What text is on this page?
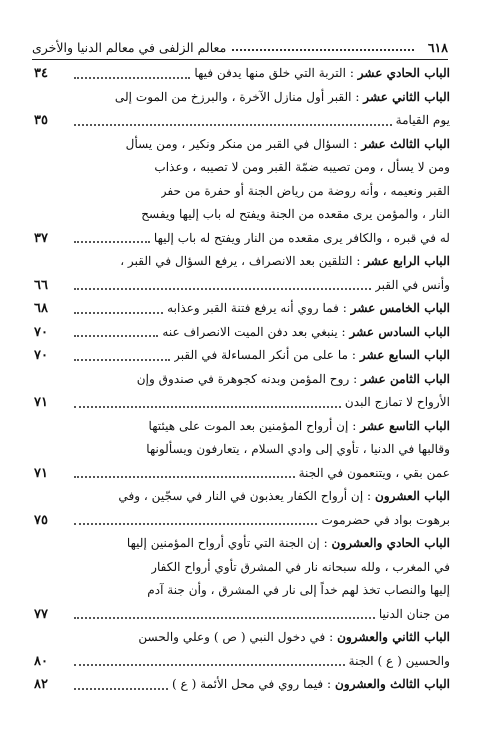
٦١٨
معالم الزلفى في معالم الدنيا والأخرى
الباب الحادي عشر : التربة التي خلق منها يدفن فيها
٣٤
الباب الثاني عشر : القبر أول منازل الآخرة ، والبرزخ من الموت إلى
يوم القيامة
٣٥
الباب الثالث عشر : السؤال في القبر من منكر ونكير ، ومن يسأل
ومن لا يسأل ، ومن تصيبه ضمّة القبر ومن لا تصيبه ، وعذاب
القبر ونعيمه ، وأنه روضة من رياض الجنة أو حفرة من حفر
النار ، والمؤمن يرى مقعده من الجنة ويفتح له باب إليها ويفسح
له في قبره ، والكافر يرى مقعده من النار ويفتح له باب إليها
٣٧
الباب الرابع عشر : التلقين بعد الانصراف ، يرفع السؤال في القبر ،
وأنس في القبر
٦٦
الباب الخامس عشر : فما روي أنه يرفع فتنة القبر وعذابه
٦٨
الباب السادس عشر : ينبغي بعد دفن الميت الانصراف عنه
٧٠
الباب السابع عشر : ما على من أنكر المساءلة في القبر
٧٠
الباب الثامن عشر : روح المؤمن وبدنه كجوهرة في صندوق وإن
الأرواح لا تمازج البدن
٧١
الباب التاسع عشر : إن أرواح المؤمنين بعد الموت على هيئتها
وقالبها في الدنيا ، تأوي إلى وادي السلام ، يتعارفون ويسألونها
عمن بقي ، ويتنعمون في الجنة
٧١
الباب العشرون : إن أرواح الكفار يعذبون في النار في سجّين ، وفي
برهوت بواد في حضرموت
٧٥
الباب الحادي والعشرون : إن الجنة التي تأوي أرواح المؤمنين إليها
في المغرب ، ولله سبحانه نار في المشرق تأوي أرواح الكفار
إليها والنصاب تخذ لهم خداً إلى نار في المشرق ، وأن جنة آدم
من جنان الدنيا
٧٧
الباب الثاني والعشرون : في دخول النبي ( ص ) وعلي والحسن
والحسين ( ع ) الجنة
٨٠
الباب الثالث والعشرون : فيما روي في محل الأئمة ( ع )
٨٢
